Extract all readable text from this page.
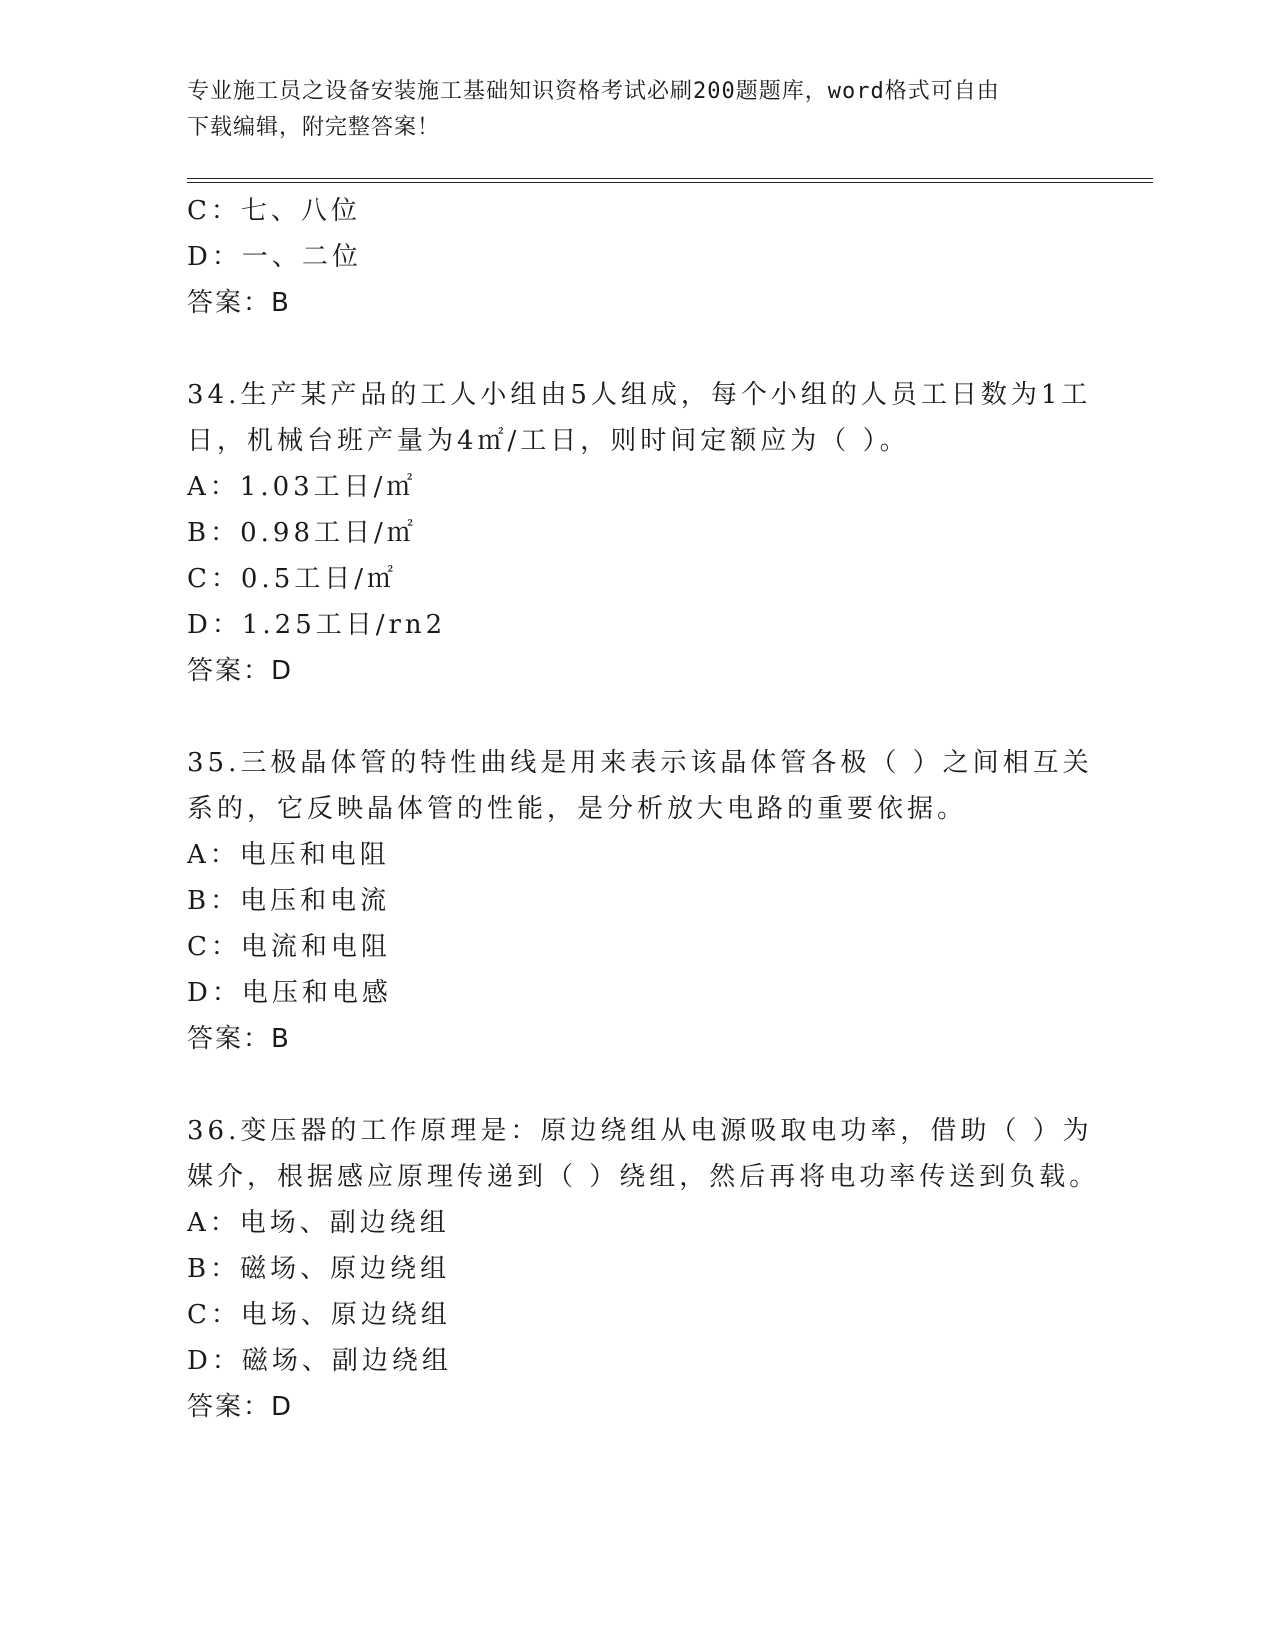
专业施工员之设备安装施工基础知识资格考试必刷200题题库，word格式可自由
下载编辑，附完整答案！
C：七、八位
D：一、二位
答案：B
34.生产某产品的工人小组由5人组成，每个小组的人员工日数为1工
日，机械台班产量为4㎡/工日，则时间定额应为（ ）。
A：1.03工日/㎡
B：0.98工日/㎡
C：0.5工日/㎡
D：1.25工日/rn2
答案：D
35.三极晶体管的特性曲线是用来表示该晶体管各极（ ）之间相互关
系的，它反映晶体管的性能，是分析放大电路的重要依据。
A：电压和电阻
B：电压和电流
C：电流和电阻
D：电压和电感
答案：B
36.变压器的工作原理是：原边绕组从电源吸取电功率，借助（ ）为
媒介，根据感应原理传递到（ ）绕组，然后再将电功率传送到负载。
A：电场、副边绕组
B：磁场、原边绕组
C：电场、原边绕组
D：磁场、副边绕组
答案：D
